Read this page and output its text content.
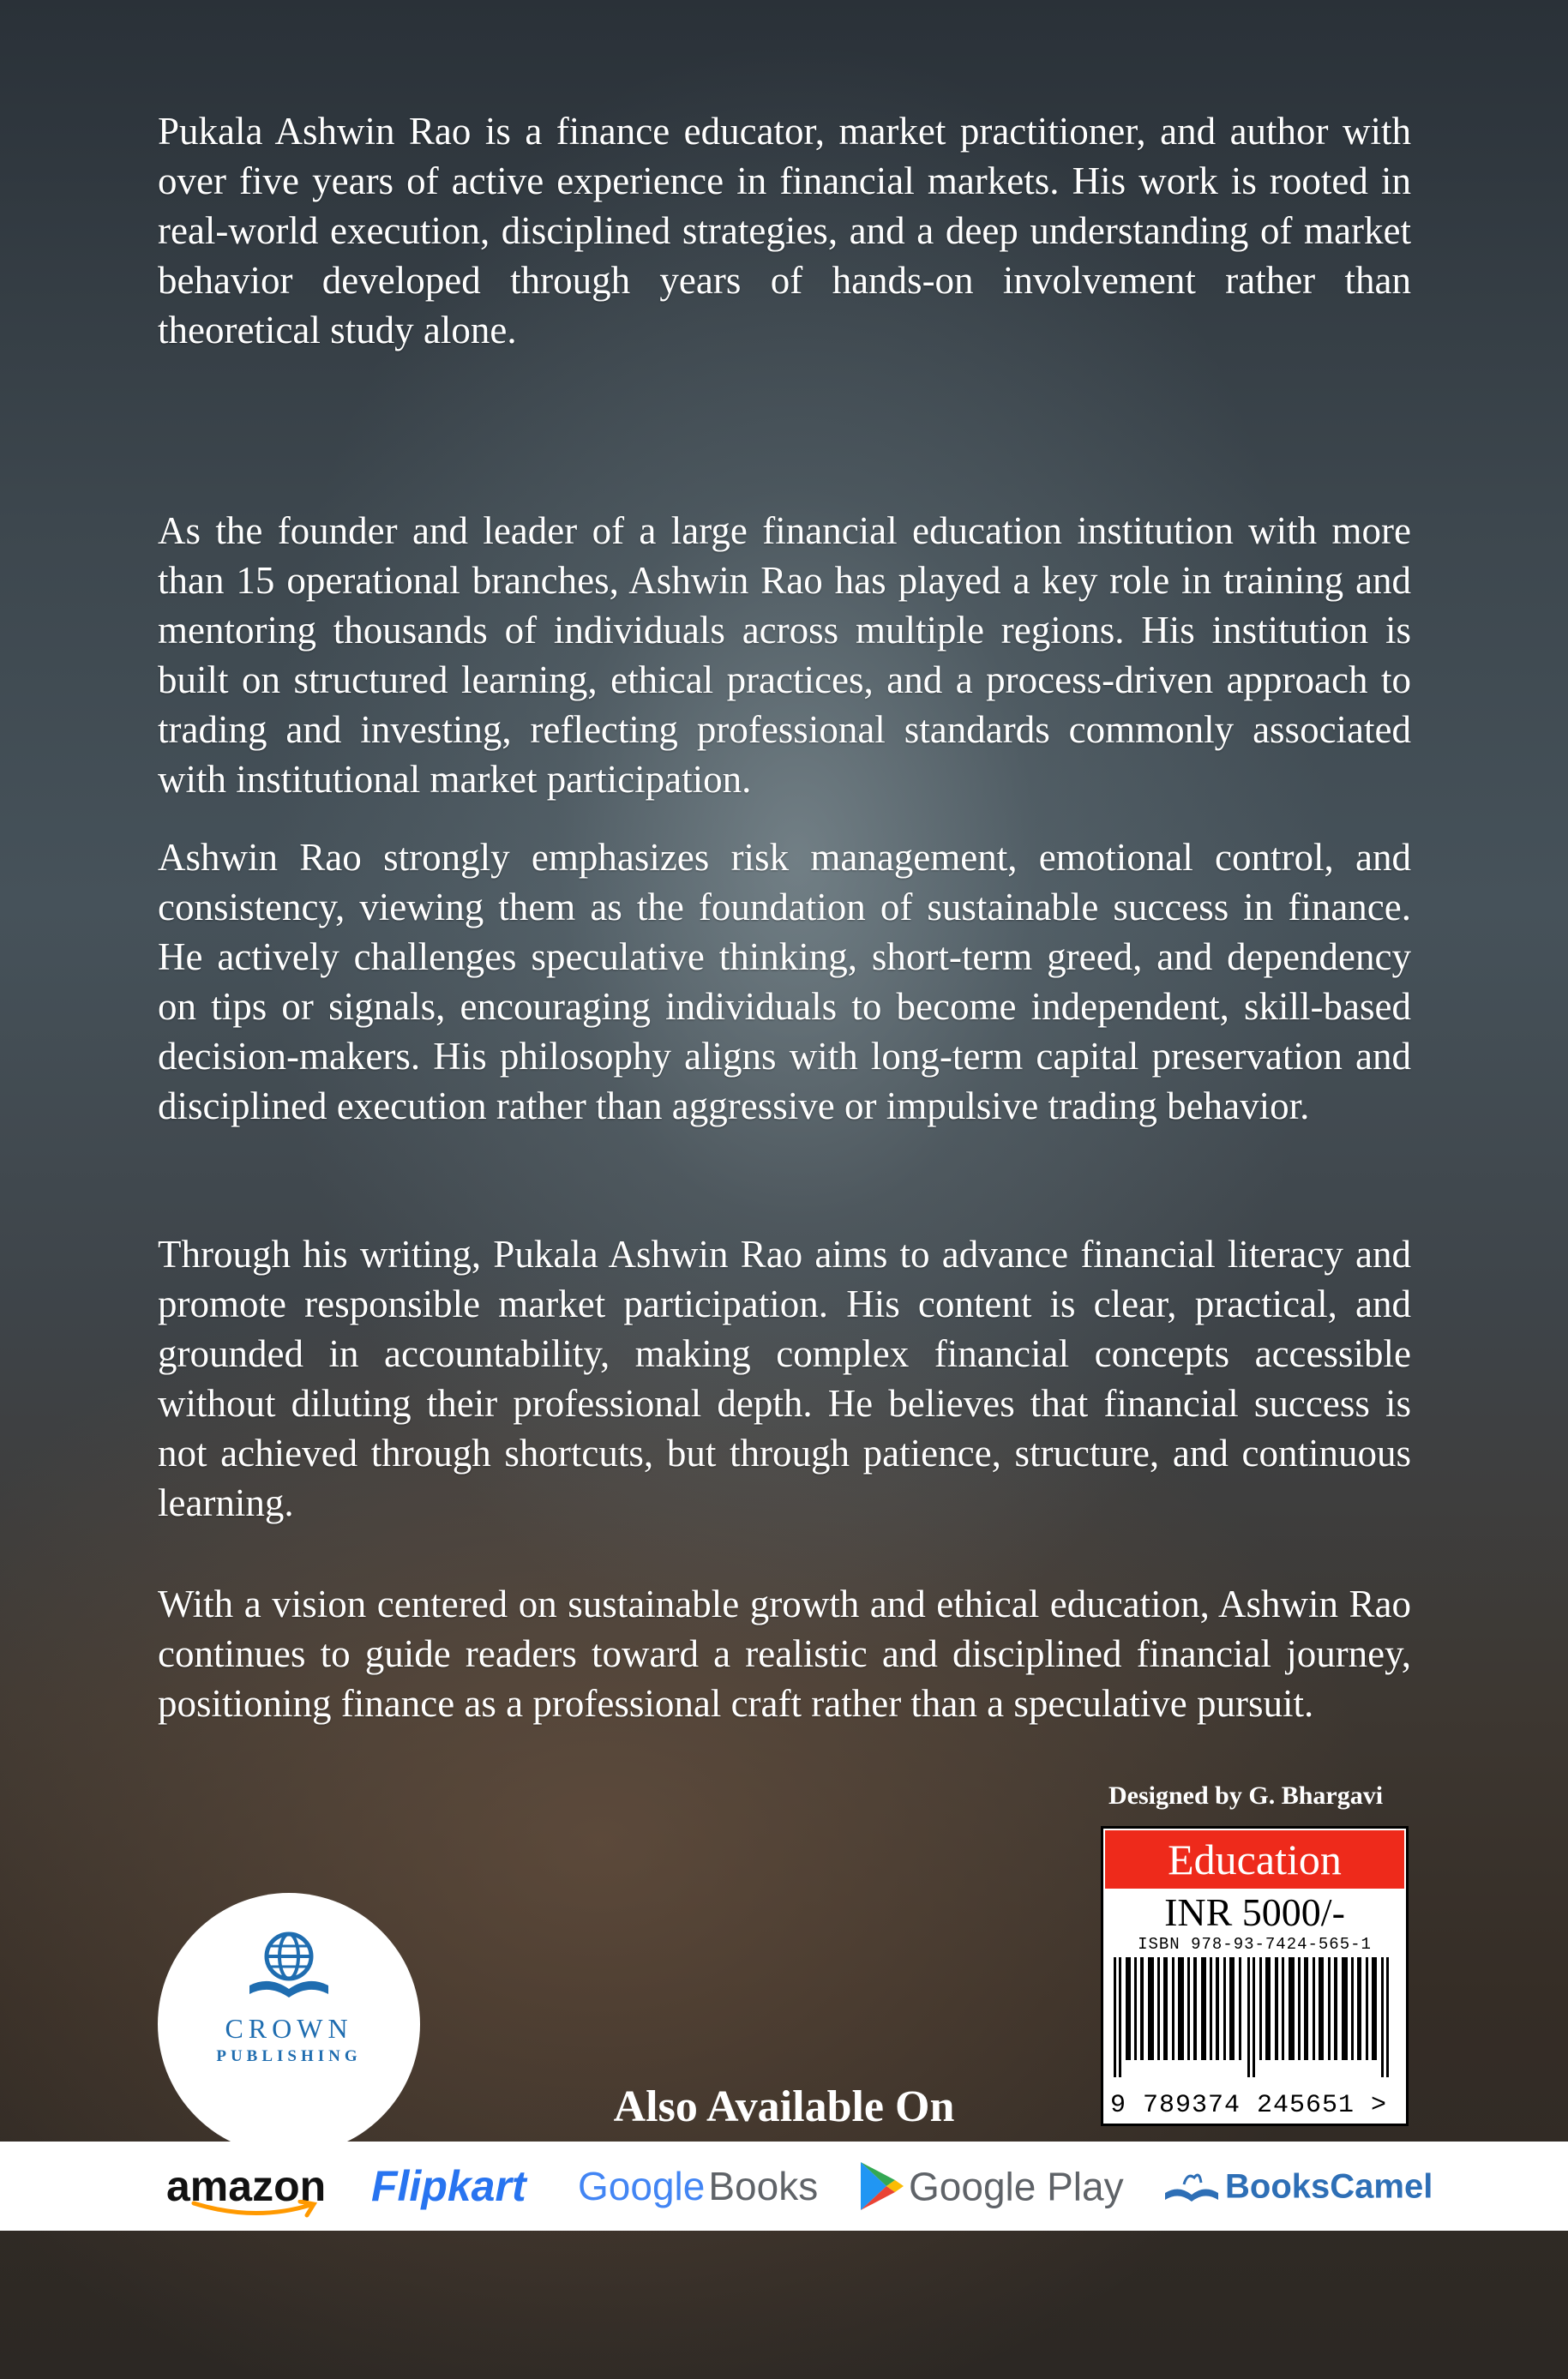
Pukala Ashwin Rao is a finance educator, market practitioner, and author with over five years of active experience in financial markets. His work is rooted in real-world execution, disciplined strategies, and a deep understanding of market behavior developed through years of hands-on involvement rather than theoretical study alone.

As the founder and leader of a large financial education institution with more than 15 operational branches, Ashwin Rao has played a key role in training and mentoring thousands of individuals across multiple regions. His institution is built on structured learning, ethical practices, and a process-driven approach to trading and investing, reflecting professional standards commonly associated with institutional market participation.

Ashwin Rao strongly emphasizes risk management, emotional control, and consistency, viewing them as the foundation of sustainable success in finance. He actively challenges speculative thinking, short-term greed, and dependency on tips or signals, encouraging individuals to become independent, skill-based decision-makers. His philosophy aligns with long-term capital preservation and disciplined execution rather than aggressive or impulsive trading behavior.

Through his writing, Pukala Ashwin Rao aims to advance financial literacy and promote responsible market participation. His content is clear, practical, and grounded in accountability, making complex financial concepts accessible without diluting their professional depth. He believes that financial success is not achieved through shortcuts, but through patience, structure, and continuous learning.

With a vision centered on sustainable growth and ethical education, Ashwin Rao continues to guide readers toward a realistic and disciplined financial journey, positioning finance as a professional craft rather than a speculative pursuit.

Designed by G. Bhargavi
Education
INR 5000/-
ISBN 978-93-7424-565-1
9 789374 245651 >
CROWN
PUBLISHING
Also Available On
amazon Flipkart Google Books	Google Play	BooksCamel
